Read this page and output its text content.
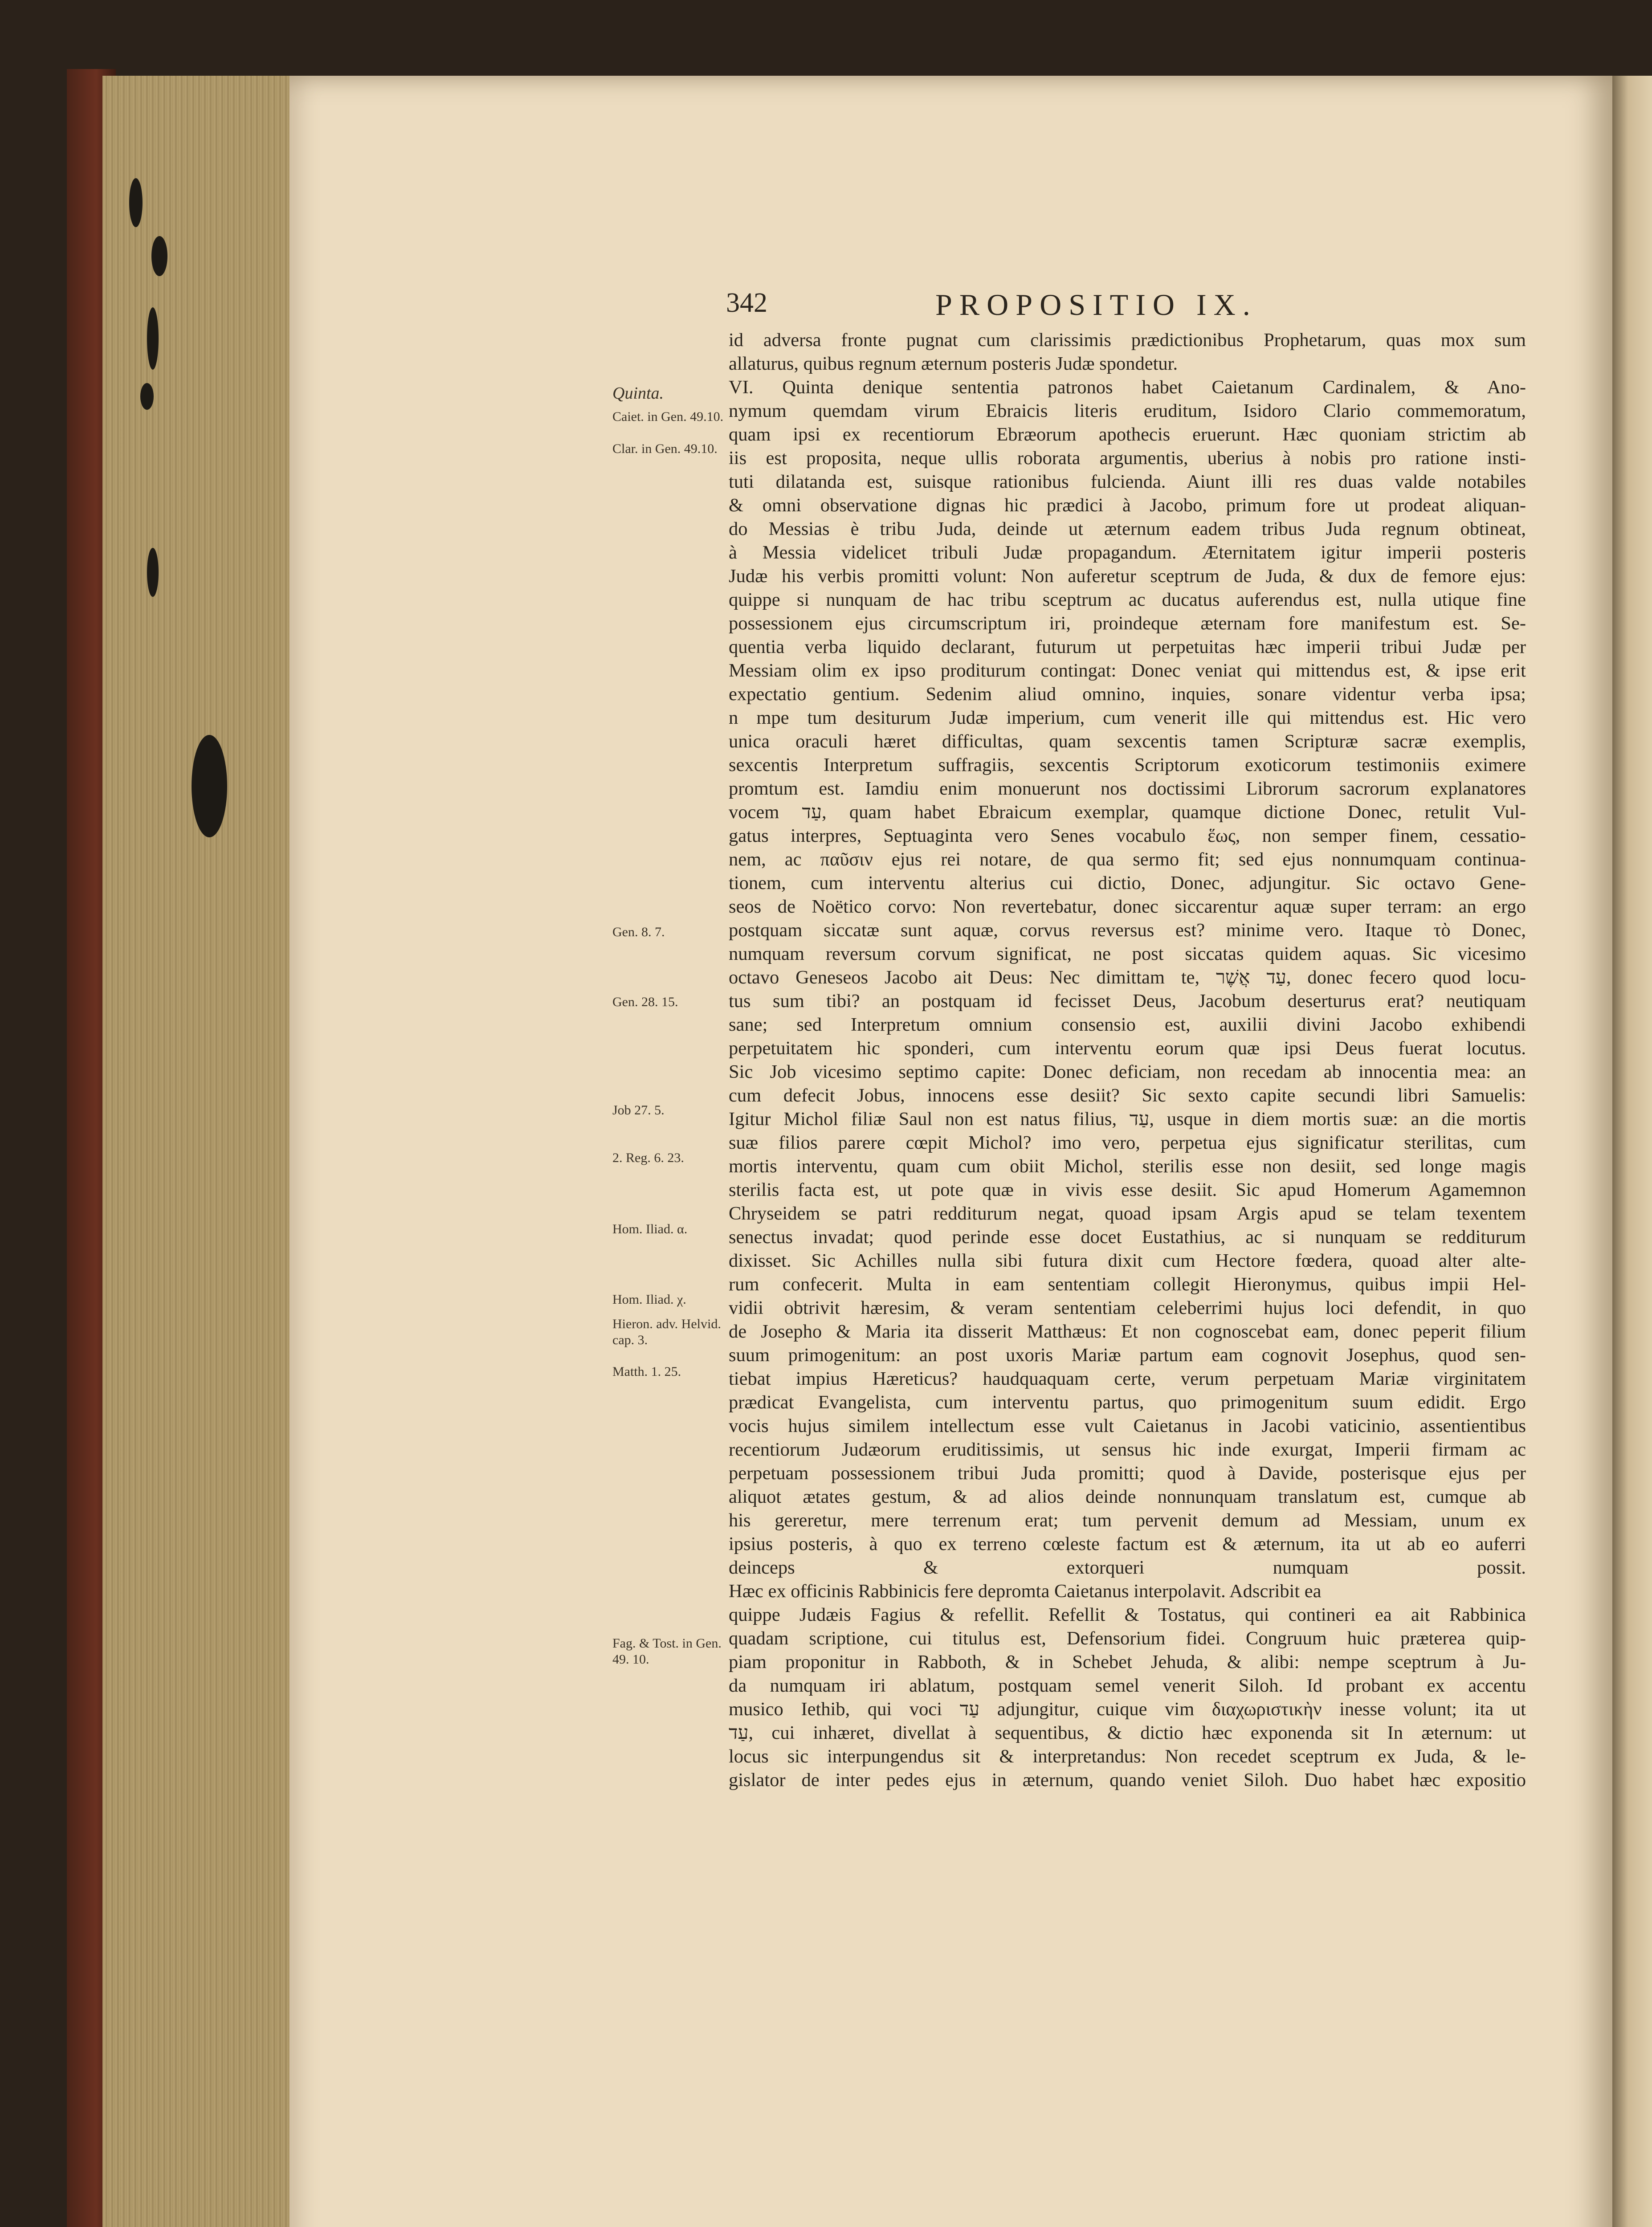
342	PROPOSITIO IX.
Quinta.
Caiet. in Gen. 49.10.
Clar. in Gen. 49.10.
Gen. 8. 7.
Gen. 28. 15.
Job 27. 5.
2. Reg. 6. 23.
Hom. Iliad. α.
Hom. Iliad. χ.
Hieron. adv. Helvid. cap. 3.
Matth. 1. 25.
Fag. & Tost. in Gen. 49. 10.
id adversa fronte pugnat cum clarissimis prædictionibus Prophetarum, quas mox sum
allaturus, quibus regnum æternum posteris Judæ spondetur.
VI. Quinta denique sententia patronos habet Caietanum Cardinalem, & Ano-
nymum quemdam virum Ebraicis literis eruditum, Isidoro Clario commemoratum,
quam ipsi ex recentiorum Ebræorum apothecis eruerunt. Hæc quoniam strictim ab
iis est proposita, neque ullis roborata argumentis, uberius à nobis pro ratione insti-
tuti dilatanda est, suisque rationibus fulcienda. Aiunt illi res duas valde notabiles
& omni observatione dignas hic prædici à Jacobo, primum fore ut prodeat aliquan-
do Messias è tribu Juda, deinde ut æternum eadem tribus Juda regnum obtineat,
à Messia videlicet tribuli Judæ propagandum. Æternitatem igitur imperii posteris
Judæ his verbis promitti volunt: Non auferetur sceptrum de Juda, & dux de femore ejus:
quippe si nunquam de hac tribu sceptrum ac ducatus auferendus est, nulla utique fine
possessionem ejus circumscriptum iri, proindeque æternam fore manifestum est. Se-
quentia verba liquido declarant, futurum ut perpetuitas hæc imperii tribui Judæ per
Messiam olim ex ipso proditurum contingat: Donec veniat qui mittendus est, & ipse erit
expectatio gentium. Sedenim aliud omnino, inquies, sonare videntur verba ipsa;
n mpe tum desiturum Judæ imperium, cum venerit ille qui mittendus est. Hic vero
unica oraculi hæret difficultas, quam sexcentis tamen Scripturæ sacræ exemplis,
sexcentis Interpretum suffragiis, sexcentis Scriptorum exoticorum testimoniis eximere
promtum est. Iamdiu enim monuerunt nos doctissimi Librorum sacrorum explanatores
vocem עַד, quam habet Ebraicum exemplar, quamque dictione Donec, retulit Vul-
gatus interpres, Septuaginta vero Senes vocabulo ἕως, non semper finem, cessatio-
nem, ac παῦσιν ejus rei notare, de qua sermo fit; sed ejus nonnumquam continua-
tionem, cum interventu alterius cui dictio, Donec, adjungitur. Sic octavo Gene-
seos de Noëtico corvo: Non revertebatur, donec siccarentur aquæ super terram: an ergo
postquam siccatæ sunt aquæ, corvus reversus est? minime vero. Itaque τὸ Donec,
numquam reversum corvum significat, ne post siccatas quidem aquas. Sic vicesimo
octavo Geneseos Jacobo ait Deus: Nec dimittam te, עַד אֲשֶׁר, donec fecero quod locu-
tus sum tibi? an postquam id fecisset Deus, Jacobum deserturus erat? neutiquam
sane; sed Interpretum omnium consensio est, auxilii divini Jacobo exhibendi
perpetuitatem hic sponderi, cum interventu eorum quæ ipsi Deus fuerat locutus.
Sic Job vicesimo septimo capite: Donec deficiam, non recedam ab innocentia mea: an
cum defecit Jobus, innocens esse desiit? Sic sexto capite secundi libri Samuelis:
Igitur Michol filiæ Saul non est natus filius, עַד, usque in diem mortis suæ: an die mortis
suæ filios parere cœpit Michol? imo vero, perpetua ejus significatur sterilitas, cum
mortis interventu, quam cum obiit Michol, sterilis esse non desiit, sed longe magis
sterilis facta est, ut pote quæ in vivis esse desiit. Sic apud Homerum Agamemnon
Chryseidem se patri redditurum negat, quoad ipsam Argis apud se telam texentem
senectus invadat; quod perinde esse docet Eustathius, ac si nunquam se redditurum
dixisset. Sic Achilles nulla sibi futura dixit cum Hectore fœdera, quoad alter alte-
rum confecerit. Multa in eam sententiam collegit Hieronymus, quibus impii Hel-
vidii obtrivit hæresim, & veram sententiam celeberrimi hujus loci defendit, in quo
de Josepho & Maria ita disserit Matthæus: Et non cognoscebat eam, donec peperit filium
suum primogenitum: an post uxoris Mariæ partum eam cognovit Josephus, quod sen-
tiebat impius Hæreticus? haudquaquam certe, verum perpetuam Mariæ virginitatem
prædicat Evangelista, cum interventu partus, quo primogenitum suum edidit. Ergo
vocis hujus similem intellectum esse vult Caietanus in Jacobi vaticinio, assentientibus
recentiorum Judæorum eruditissimis, ut sensus hic inde exurgat, Imperii firmam ac
perpetuam possessionem tribui Juda promitti; quod à Davide, posterisque ejus per
aliquot ætates gestum, & ad alios deinde nonnunquam translatum est, cumque ab
his gereretur, mere terrenum erat; tum pervenit demum ad Messiam, unum ex
ipsius posteris, à quo ex terreno cœleste factum est & æternum, ita ut ab eo auferri
deinceps & extorqueri numquam possit.
Hæc ex officinis Rabbinicis fere depromta Caietanus interpolavit. Adscribit ea
quippe Judæis Fagius & refellit. Refellit & Tostatus, qui contineri ea ait Rabbinica
quadam scriptione, cui titulus est, Defensorium fidei. Congruum huic præterea quip-
piam proponitur in Rabboth, & in Schebet Jehuda, & alibi: nempe sceptrum à Ju-
da numquam iri ablatum, postquam semel venerit Siloh. Id probant ex accentu
musico Iethib, qui voci עַד adjungitur, cuique vim διαχωριστικὴν inesse volunt; ita ut
עַד, cui inhæret, divellat à sequentibus, & dictio hæc exponenda sit In æternum: ut
locus sic interpungendus sit & interpretandus: Non recedet sceptrum ex Juda, & le-
gislator de inter pedes ejus in æternum, quando veniet Siloh. Duo habet hæc expositio
